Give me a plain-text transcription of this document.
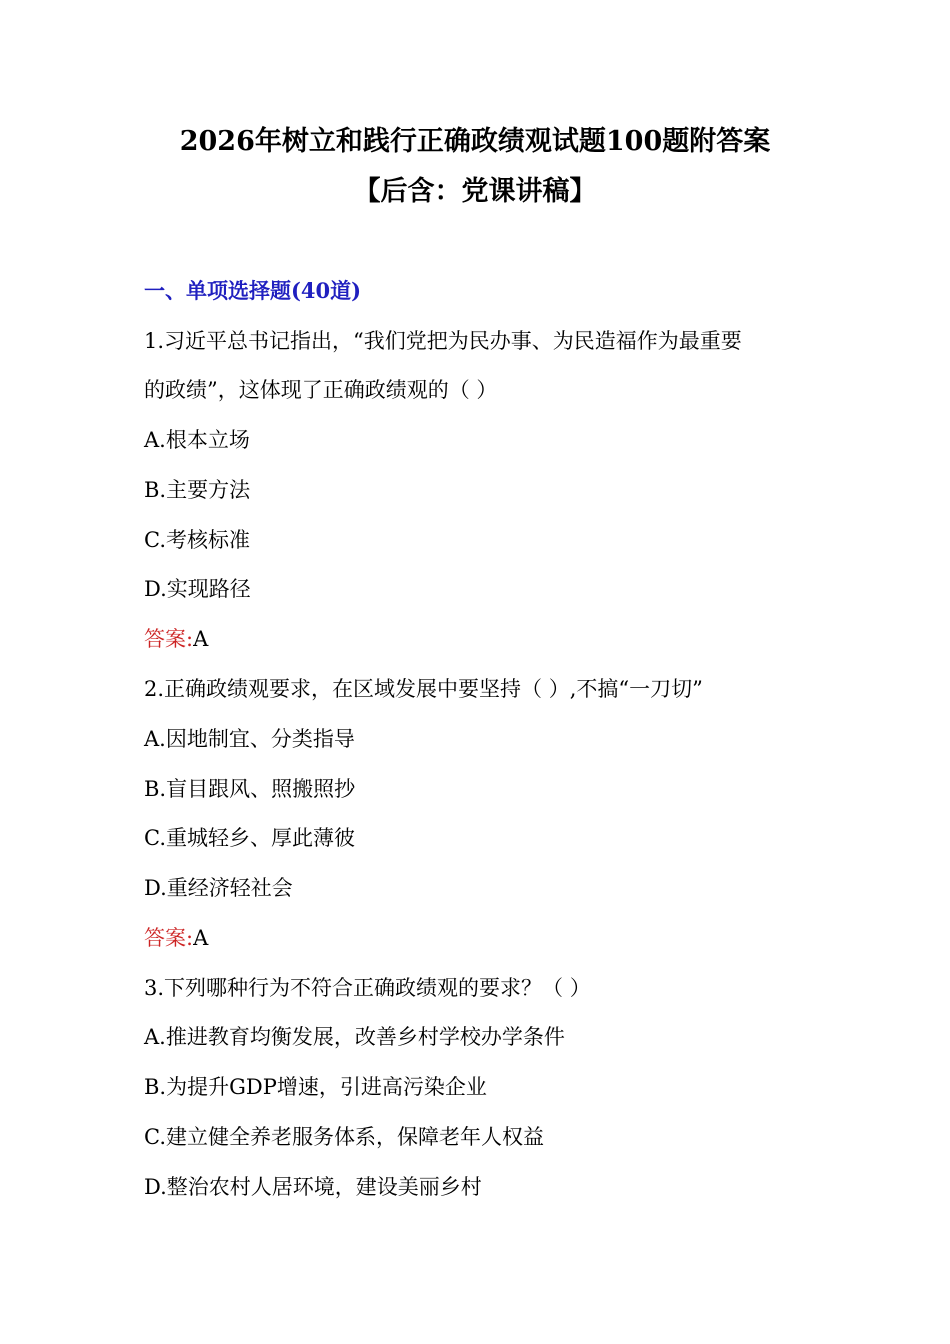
2026年树立和践行正确政绩观试题100题附答案
【后含：党课讲稿】
一、单项选择题(40道)
1.习近平总书记指出，“我们党把为民办事、为民造福作为最重要
的政绩”，这体现了正确政绩观的（ ）
A.根本立场
B.主要方法
C.考核标准
D.实现路径
答案:A
2.正确政绩观要求，在区域发展中要坚持（ ）,不搞“一刀切”
A.因地制宜、分类指导
B.盲目跟风、照搬照抄
C.重城轻乡、厚此薄彼
D.重经济轻社会
答案:A
3.下列哪种行为不符合正确政绩观的要求？（ ）
A.推进教育均衡发展，改善乡村学校办学条件
B.为提升GDP增速，引进高污染企业
C.建立健全养老服务体系，保障老年人权益
D.整治农村人居环境，建设美丽乡村
